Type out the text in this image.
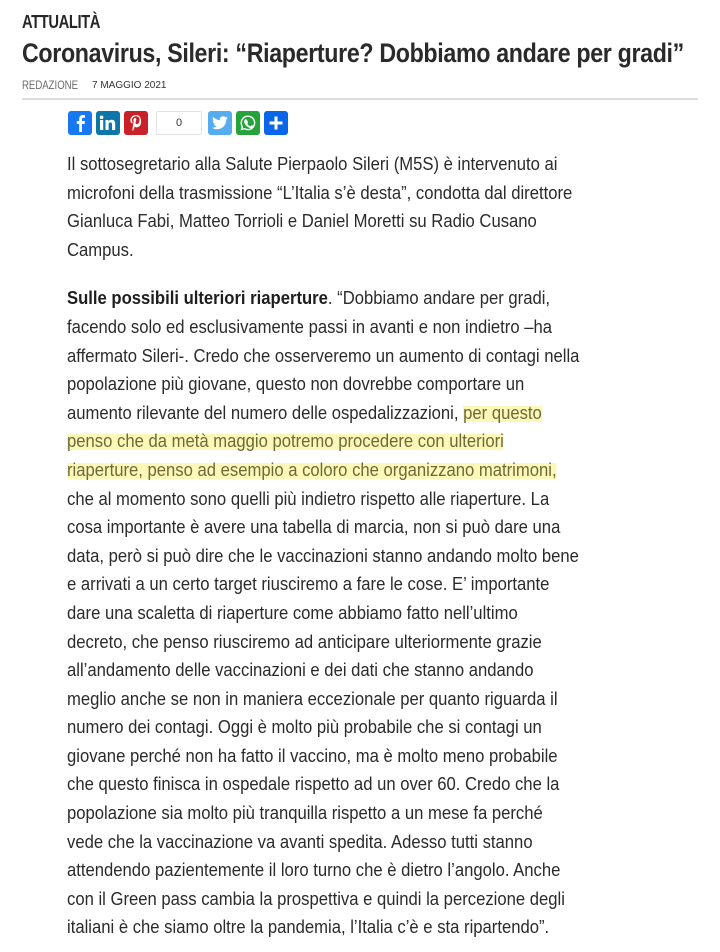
ATTUALITÀ
Coronavirus, Sileri: “Riaperture? Dobbiamo andare per gradi”
REDAZIONE 7 MAGGIO 2021
0

Il sottosegretario alla Salute Pierpaolo Sileri (M5S) è intervenuto ai
microfoni della trasmissione “L’Italia s’è desta”, condotta dal direttore
Gianluca Fabi, Matteo Torrioli e Daniel Moretti su Radio Cusano
Campus.

Sulle possibili ulteriori riaperture. “Dobbiamo andare per gradi,
facendo solo ed esclusivamente passi in avanti e non indietro –ha
affermato Sileri-. Credo che osserveremo un aumento di contagi nella
popolazione più giovane, questo non dovrebbe comportare un
aumento rilevante del numero delle ospedalizzazioni, per questo
penso che da metà maggio potremo procedere con ulteriori
riaperture, penso ad esempio a coloro che organizzano matrimoni,
che al momento sono quelli più indietro rispetto alle riaperture. La
cosa importante è avere una tabella di marcia, non si può dare una
data, però si può dire che le vaccinazioni stanno andando molto bene
e arrivati a un certo target riusciremo a fare le cose. E’ importante
dare una scaletta di riaperture come abbiamo fatto nell’ultimo
decreto, che penso riusciremo ad anticipare ulteriormente grazie
all’andamento delle vaccinazioni e dei dati che stanno andando
meglio anche se non in maniera eccezionale per quanto riguarda il
numero dei contagi. Oggi è molto più probabile che si contagi un
giovane perché non ha fatto il vaccino, ma è molto meno probabile
che questo finisca in ospedale rispetto ad un over 60. Credo che la
popolazione sia molto più tranquilla rispetto a un mese fa perché
vede che la vaccinazione va avanti spedita. Adesso tutti stanno
attendendo pazientemente il loro turno che è dietro l’angolo. Anche
con il Green pass cambia la prospettiva e quindi la percezione degli
italiani è che siamo oltre la pandemia, l’Italia c’è e sta ripartendo”.
